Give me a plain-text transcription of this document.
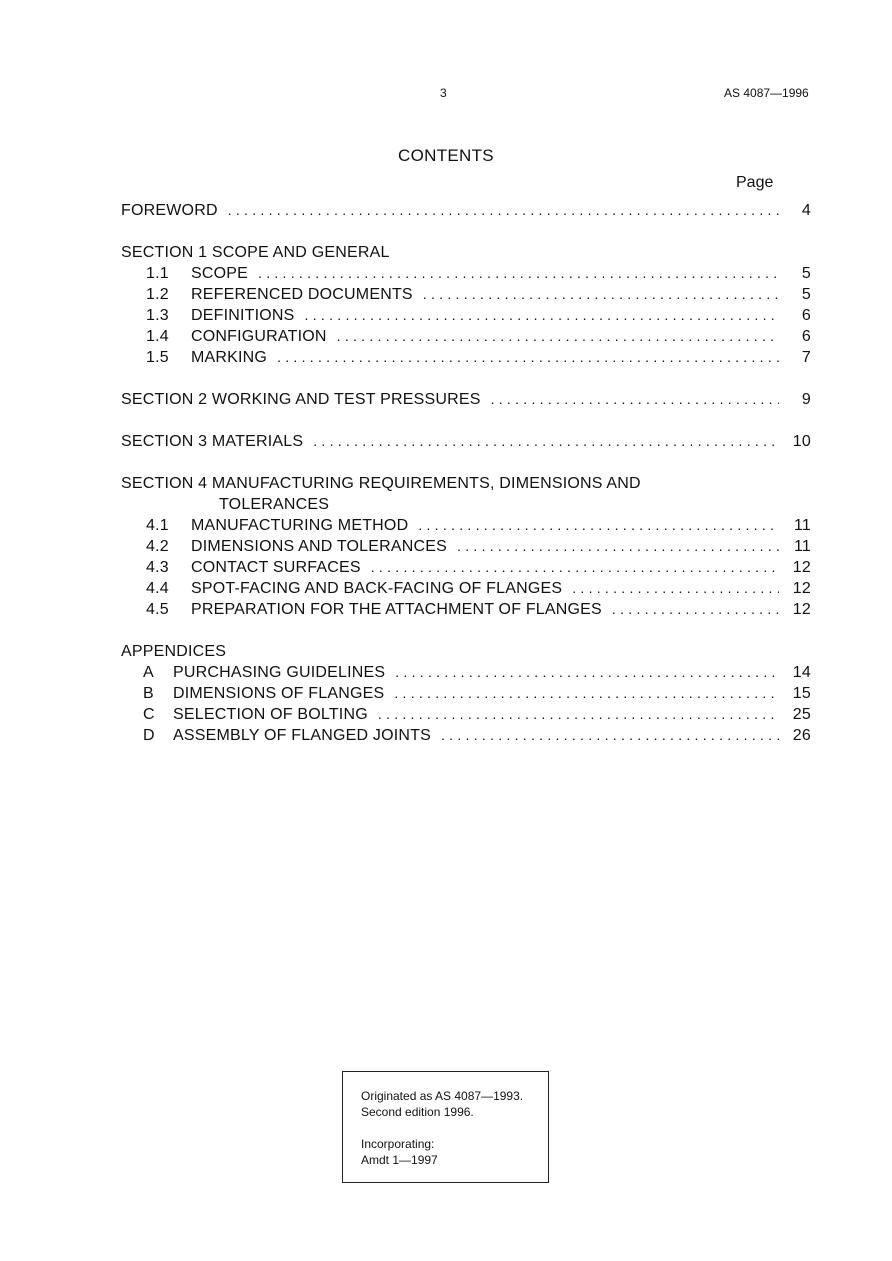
3	AS 4087—1996
CONTENTS
Page
FOREWORD . . .	4
SECTION 1 SCOPE AND GENERAL
1.1	SCOPE . . .	5
1.2	REFERENCED DOCUMENTS . . .	5
1.3	DEFINITIONS . . .	6
1.4	CONFIGURATION . . .	6
1.5	MARKING . . .	7
SECTION 2 WORKING AND TEST PRESSURES . . .	9
SECTION 3 MATERIALS . . .	10
SECTION 4 MANUFACTURING REQUIREMENTS, DIMENSIONS AND
TOLERANCES
4.1	MANUFACTURING METHOD . . .	11
4.2	DIMENSIONS AND TOLERANCES . . .	11
4.3	CONTACT SURFACES . . .	12
4.4	SPOT-FACING AND BACK-FACING OF FLANGES . . .	12
4.5	PREPARATION FOR THE ATTACHMENT OF FLANGES . . .	12
APPENDICES
A	PURCHASING GUIDELINES . . .	14
B	DIMENSIONS OF FLANGES . . .	15
C	SELECTION OF BOLTING . . .	25
D	ASSEMBLY OF FLANGED JOINTS . . .	26
Originated as AS 4087—1993.
Second edition 1996.
Incorporating:
Amdt 1—1997
